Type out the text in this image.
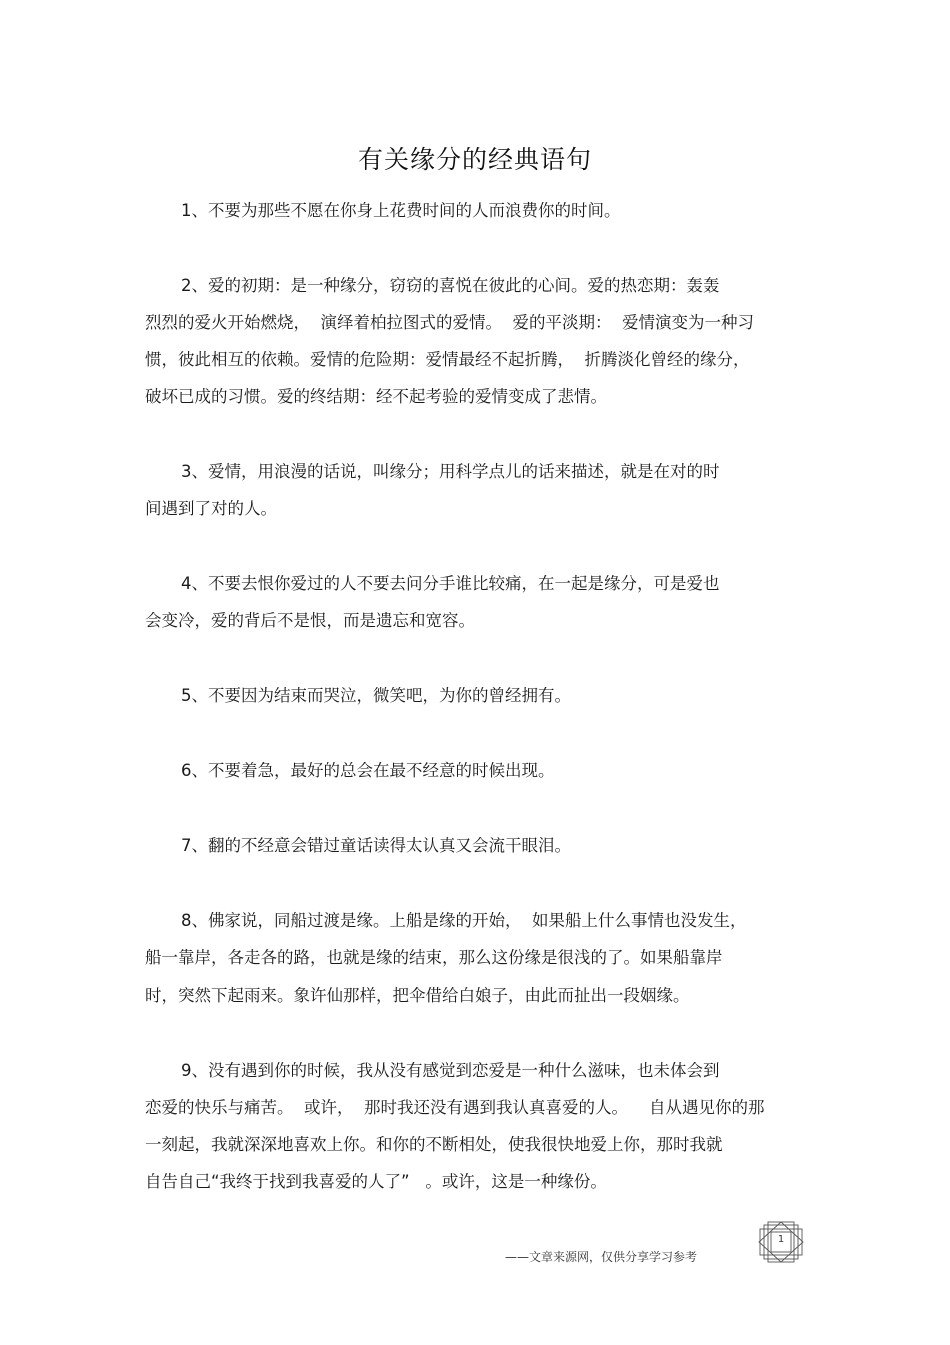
有关缘分的经典语句
1、不要为那些不愿在你身上花费时间的人而浪费你的时间。
2、爱的初期：是一种缘分，窃窃的喜悦在彼此的心间。爱的热恋期：轰轰
烈烈的爱火开始燃烧，  演绎着柏拉图式的爱情。  爱的平淡期：  爱情演变为一种习
惯，彼此相互的依赖。爱情的危险期：爱情最经不起折腾，  折腾淡化曾经的缘分，
破坏已成的习惯。爱的终结期：经不起考验的爱情变成了悲情。
3、爱情，用浪漫的话说，叫缘分；用科学点儿的话来描述，就是在对的时
间遇到了对的人。
4、不要去恨你爱过的人不要去问分手谁比较痛，在一起是缘分，可是爱也
会变冷，爱的背后不是恨，而是遗忘和宽容。
5、不要因为结束而哭泣，微笑吧，为你的曾经拥有。
6、不要着急，最好的总会在最不经意的时候出现。
7、翻的不经意会错过童话读得太认真又会流干眼泪。
8、佛家说，同船过渡是缘。上船是缘的开始，  如果船上什么事情也没发生，
船一靠岸，各走各的路，也就是缘的结束，那么这份缘是很浅的了。如果船靠岸
时，突然下起雨来。象许仙那样，把伞借给白娘子，由此而扯出一段姻缘。
9、没有遇到你的时候，我从没有感觉到恋爱是一种什么滋味，也未体会到
恋爱的快乐与痛苦。  或许，  那时我还没有遇到我认真喜爱的人。    自从遇见你的那
一刻起，我就深深地喜欢上你。和你的不断相处，使我很快地爱上你，那时我就
自告自己“我终于找到我喜爱的人了”   。或许，这是一种缘份。
——文章来源网，仅供分享学习参考
1
